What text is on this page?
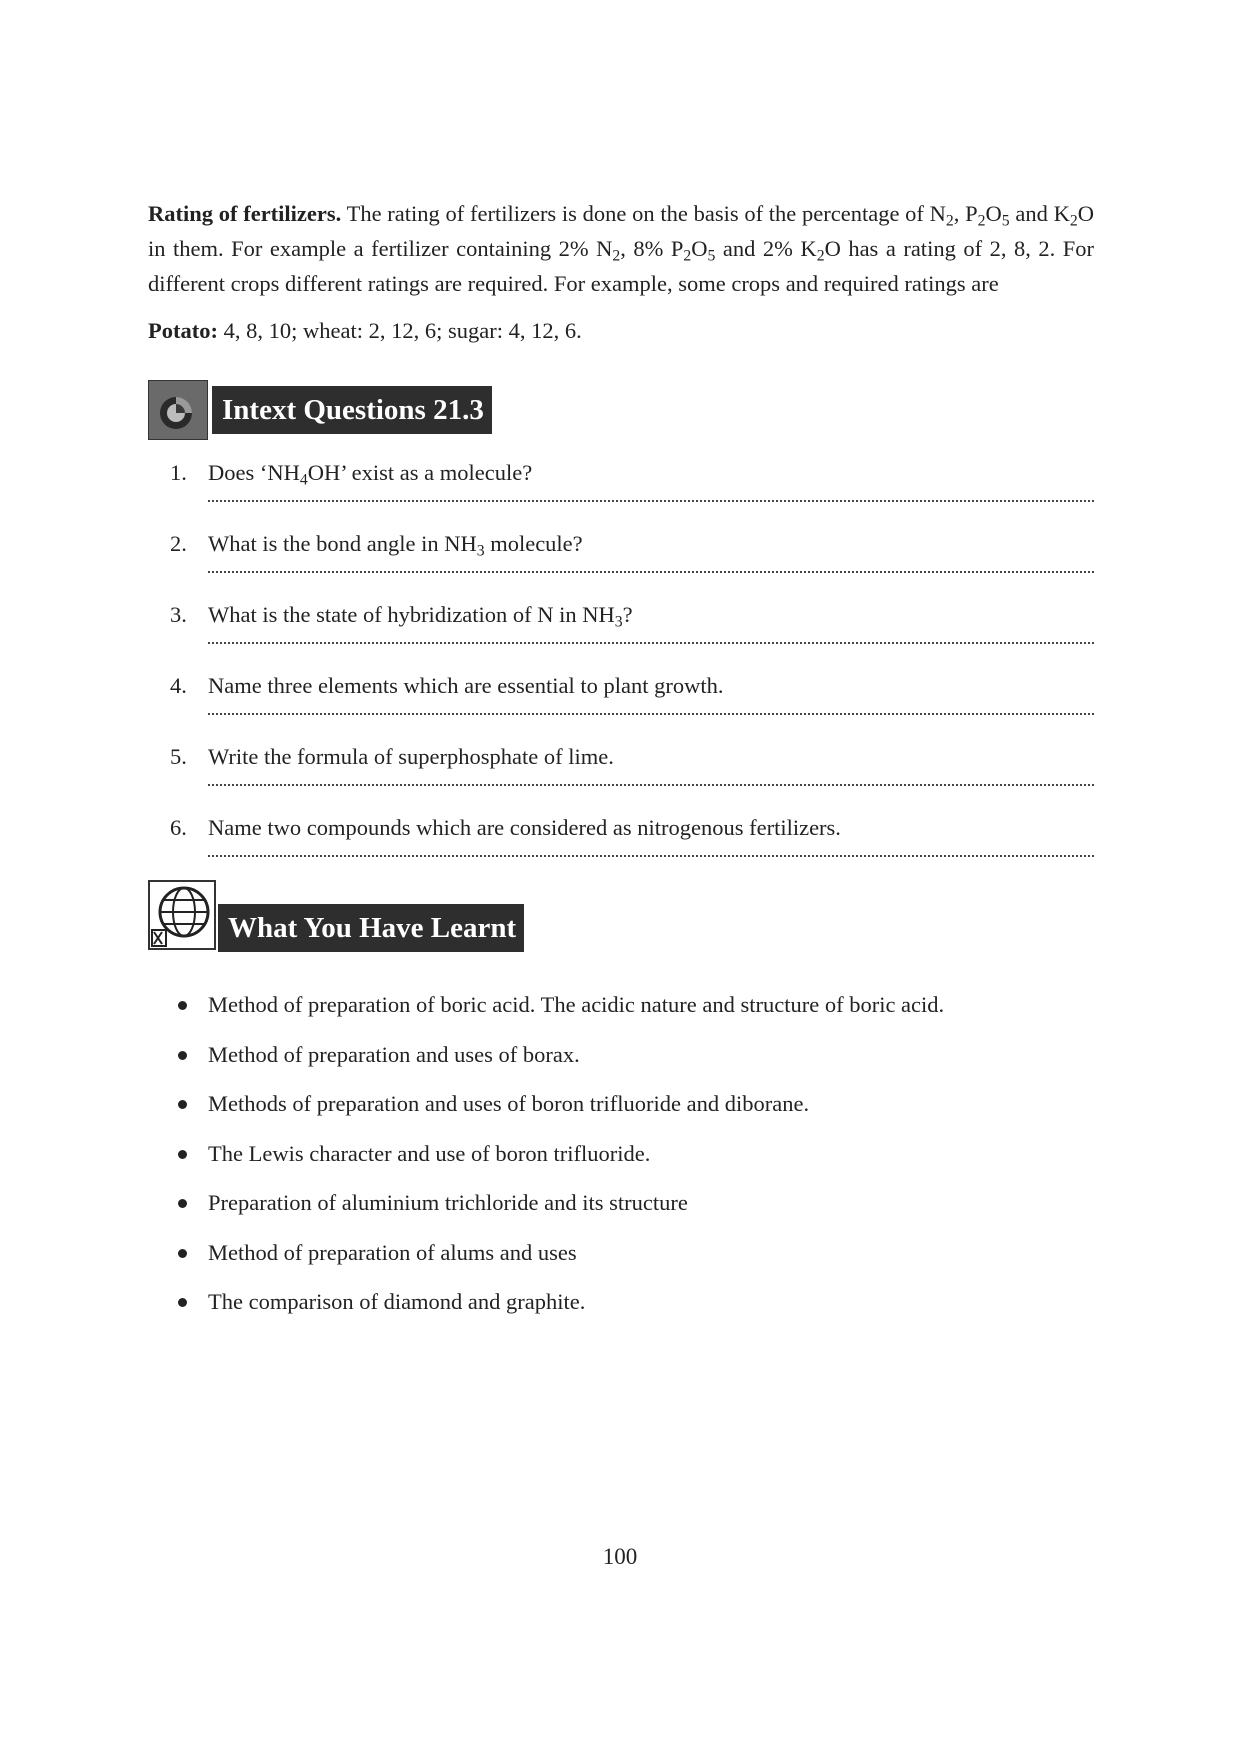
Rating of fertilizers. The rating of fertilizers is done on the basis of the percentage of $N_2$, $P_2O_5$ and $K_2O$ in them. For example a fertilizer containing 2% $N_2$, 8% $P_2O_5$ and 2% $K_2O$ has a rating of 2, 8, 2. For different crops different ratings are required. For example, some crops and required ratings are

Potato: 4, 8, 10; wheat: 2, 12, 6; sugar: 4, 12, 6.

Intext Questions 21.3
1. Does ‘$NH_4OH$’ exist as a molecule?
2. What is the bond angle in $NH_3$ molecule?
3. What is the state of hybridization of N in $NH_3$?
4. Name three elements which are essential to plant growth.
5. Write the formula of superphosphate of lime.
6. Name two compounds which are considered as nitrogenous fertilizers.
What You Have Learnt
Method of preparation of boric acid. The acidic nature and structure of boric acid.
Method of preparation and uses of borax.
Methods of preparation and uses of boron trifluoride and diborane.
The Lewis character and use of boron trifluoride.
Preparation of aluminium trichloride and its structure
Method of preparation of alums and uses
The comparison of diamond and graphite.
100
